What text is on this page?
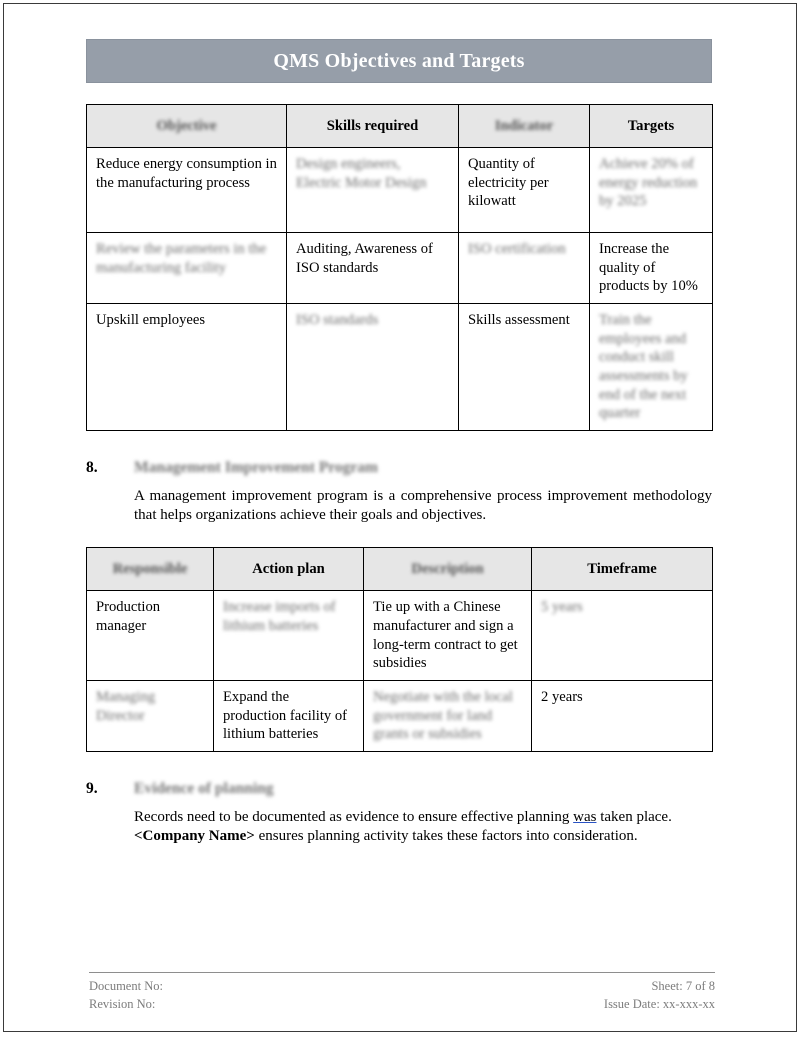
QMS Objectives and Targets
Objective	Skills required	Indicator	Targets
Reduce energy consumption in the manufacturing process	Design engineers, Electric Motor Design	Quantity of electricity per kilowatt	Achieve 20% of energy reduction by 2025
Review the parameters in the manufacturing facility	Auditing, Awareness of ISO standards	ISO certification	Increase the quality of products by 10%
Upskill employees	ISO standards	Skills assessment	Train the employees and conduct skill assessments by end of the next quarter
8.	Management Improvement Program
A management improvement program is a comprehensive process improvement methodology that helps organizations achieve their goals and objectives.
Responsible	Action plan	Description	Timeframe
Production manager	Increase imports of lithium batteries	Tie up with a Chinese manufacturer and sign a long-term contract to get subsidies	5 years
Managing Director	Expand the production facility of lithium batteries	Negotiate with the local government for land grants or subsidies	2 years
9.	Evidence of planning
Records need to be documented as evidence to ensure effective planning was taken place. <Company Name> ensures planning activity takes these factors into consideration.
Document No:	Sheet: 7 of 8
Revision No:	Issue Date: xx-xxx-xx
